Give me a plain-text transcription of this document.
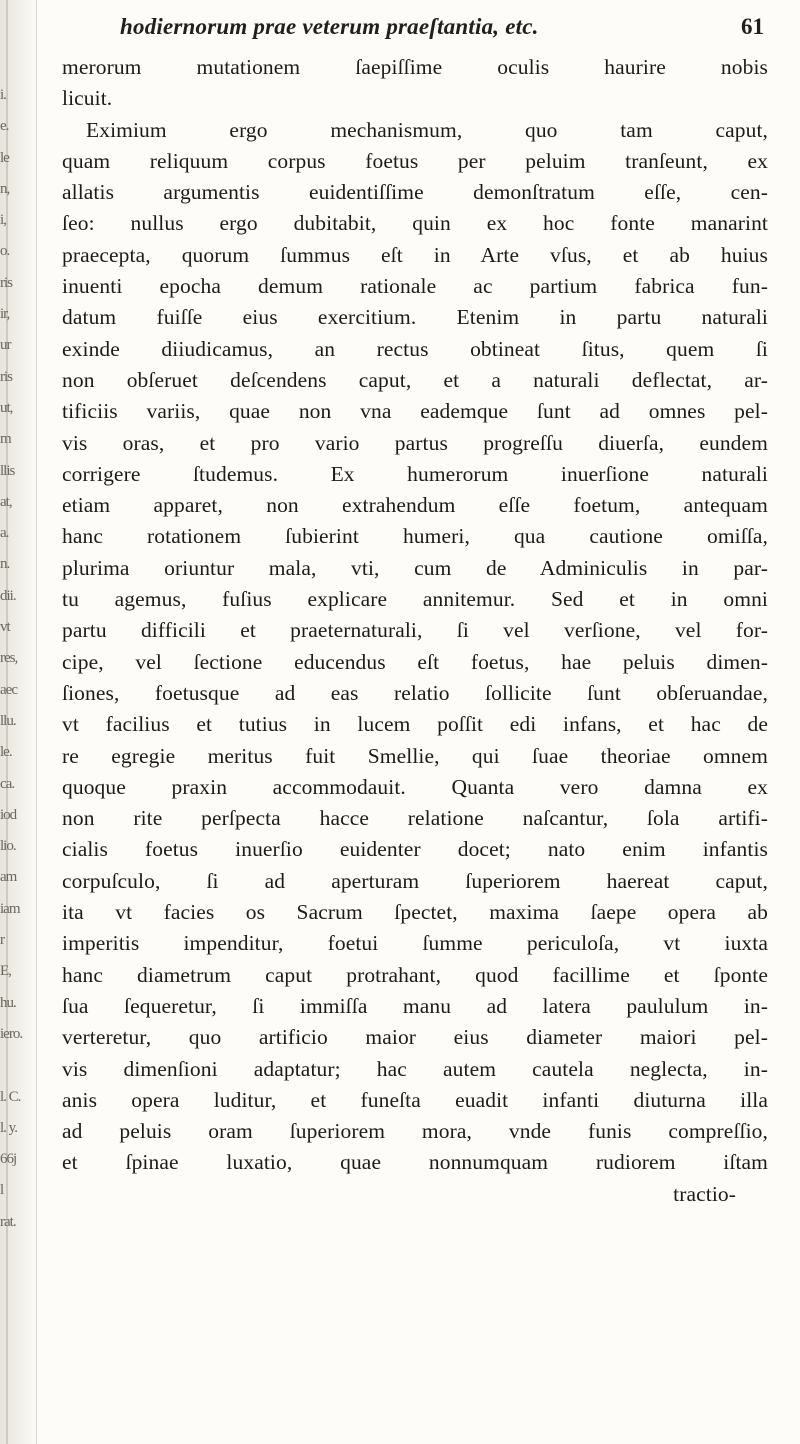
i.
e.
le
n,
i,
o.
ris
ir,
ur
ris
ut,
m
llis
at,
a.
n.
dii.
vt
res,
aec
llu.
le.
ca.
iod
lio.
am
iam
r
E,
hu.
iero.
l. C.
l. y.
66j
l
rat.
hodiernorum prae veterum praeſtantia, etc.	61
merorum mutationem ſaepiſſime oculis haurire nobis
licuit.
Eximium ergo mechanismum, quo tam caput,
quam reliquum corpus foetus per peluim tranſeunt, ex
allatis argumentis euidentiſſime demonſtratum eſſe, cen-
ſeo: nullus ergo dubitabit, quin ex hoc fonte manarint
praecepta, quorum ſummus eſt in Arte vſus, et ab huius
inuenti epocha demum rationale ac partium fabrica fun-
datum fuiſſe eius exercitium. Etenim in partu naturali
exinde diiudicamus, an rectus obtineat ſitus, quem ſi
non obſeruet deſcendens caput, et a naturali deflectat, ar-
tificiis variis, quae non vna eademque ſunt ad omnes pel-
vis oras, et pro vario partus progreſſu diuerſa, eundem
corrigere ſtudemus. Ex humerorum inuerſione naturali
etiam apparet, non extrahendum eſſe foetum, antequam
hanc rotationem ſubierint humeri, qua cautione omiſſa,
plurima oriuntur mala, vti, cum de Adminiculis in par-
tu agemus, fuſius explicare annitemur. Sed et in omni
partu difficili et praeternaturali, ſi vel verſione, vel for-
cipe, vel ſectione educendus eſt foetus, hae peluis dimen-
ſiones, foetusque ad eas relatio ſollicite ſunt obſeruandae,
vt facilius et tutius in lucem poſſit edi infans, et hac de
re egregie meritus fuit Smellie, qui ſuae theoriae omnem
quoque praxin accommodauit. Quanta vero damna ex
non rite perſpecta hacce relatione naſcantur, ſola artifi-
cialis foetus inuerſio euidenter docet; nato enim infantis
corpuſculo, ſi ad aperturam ſuperiorem haereat caput,
ita vt facies os Sacrum ſpectet, maxima ſaepe opera ab
imperitis impenditur, foetui ſumme periculoſa, vt iuxta
hanc diametrum caput protrahant, quod facillime et ſponte
ſua ſequeretur, ſi immiſſa manu ad latera paululum in-
verteretur, quo artificio maior eius diameter maiori pel-
vis dimenſioni adaptatur; hac autem cautela neglecta, in-
anis opera luditur, et funeſta euadit infanti diuturna illa
ad peluis oram ſuperiorem mora, vnde funis compreſſio,
et ſpinae luxatio, quae nonnumquam rudiorem iſtam
tractio-
